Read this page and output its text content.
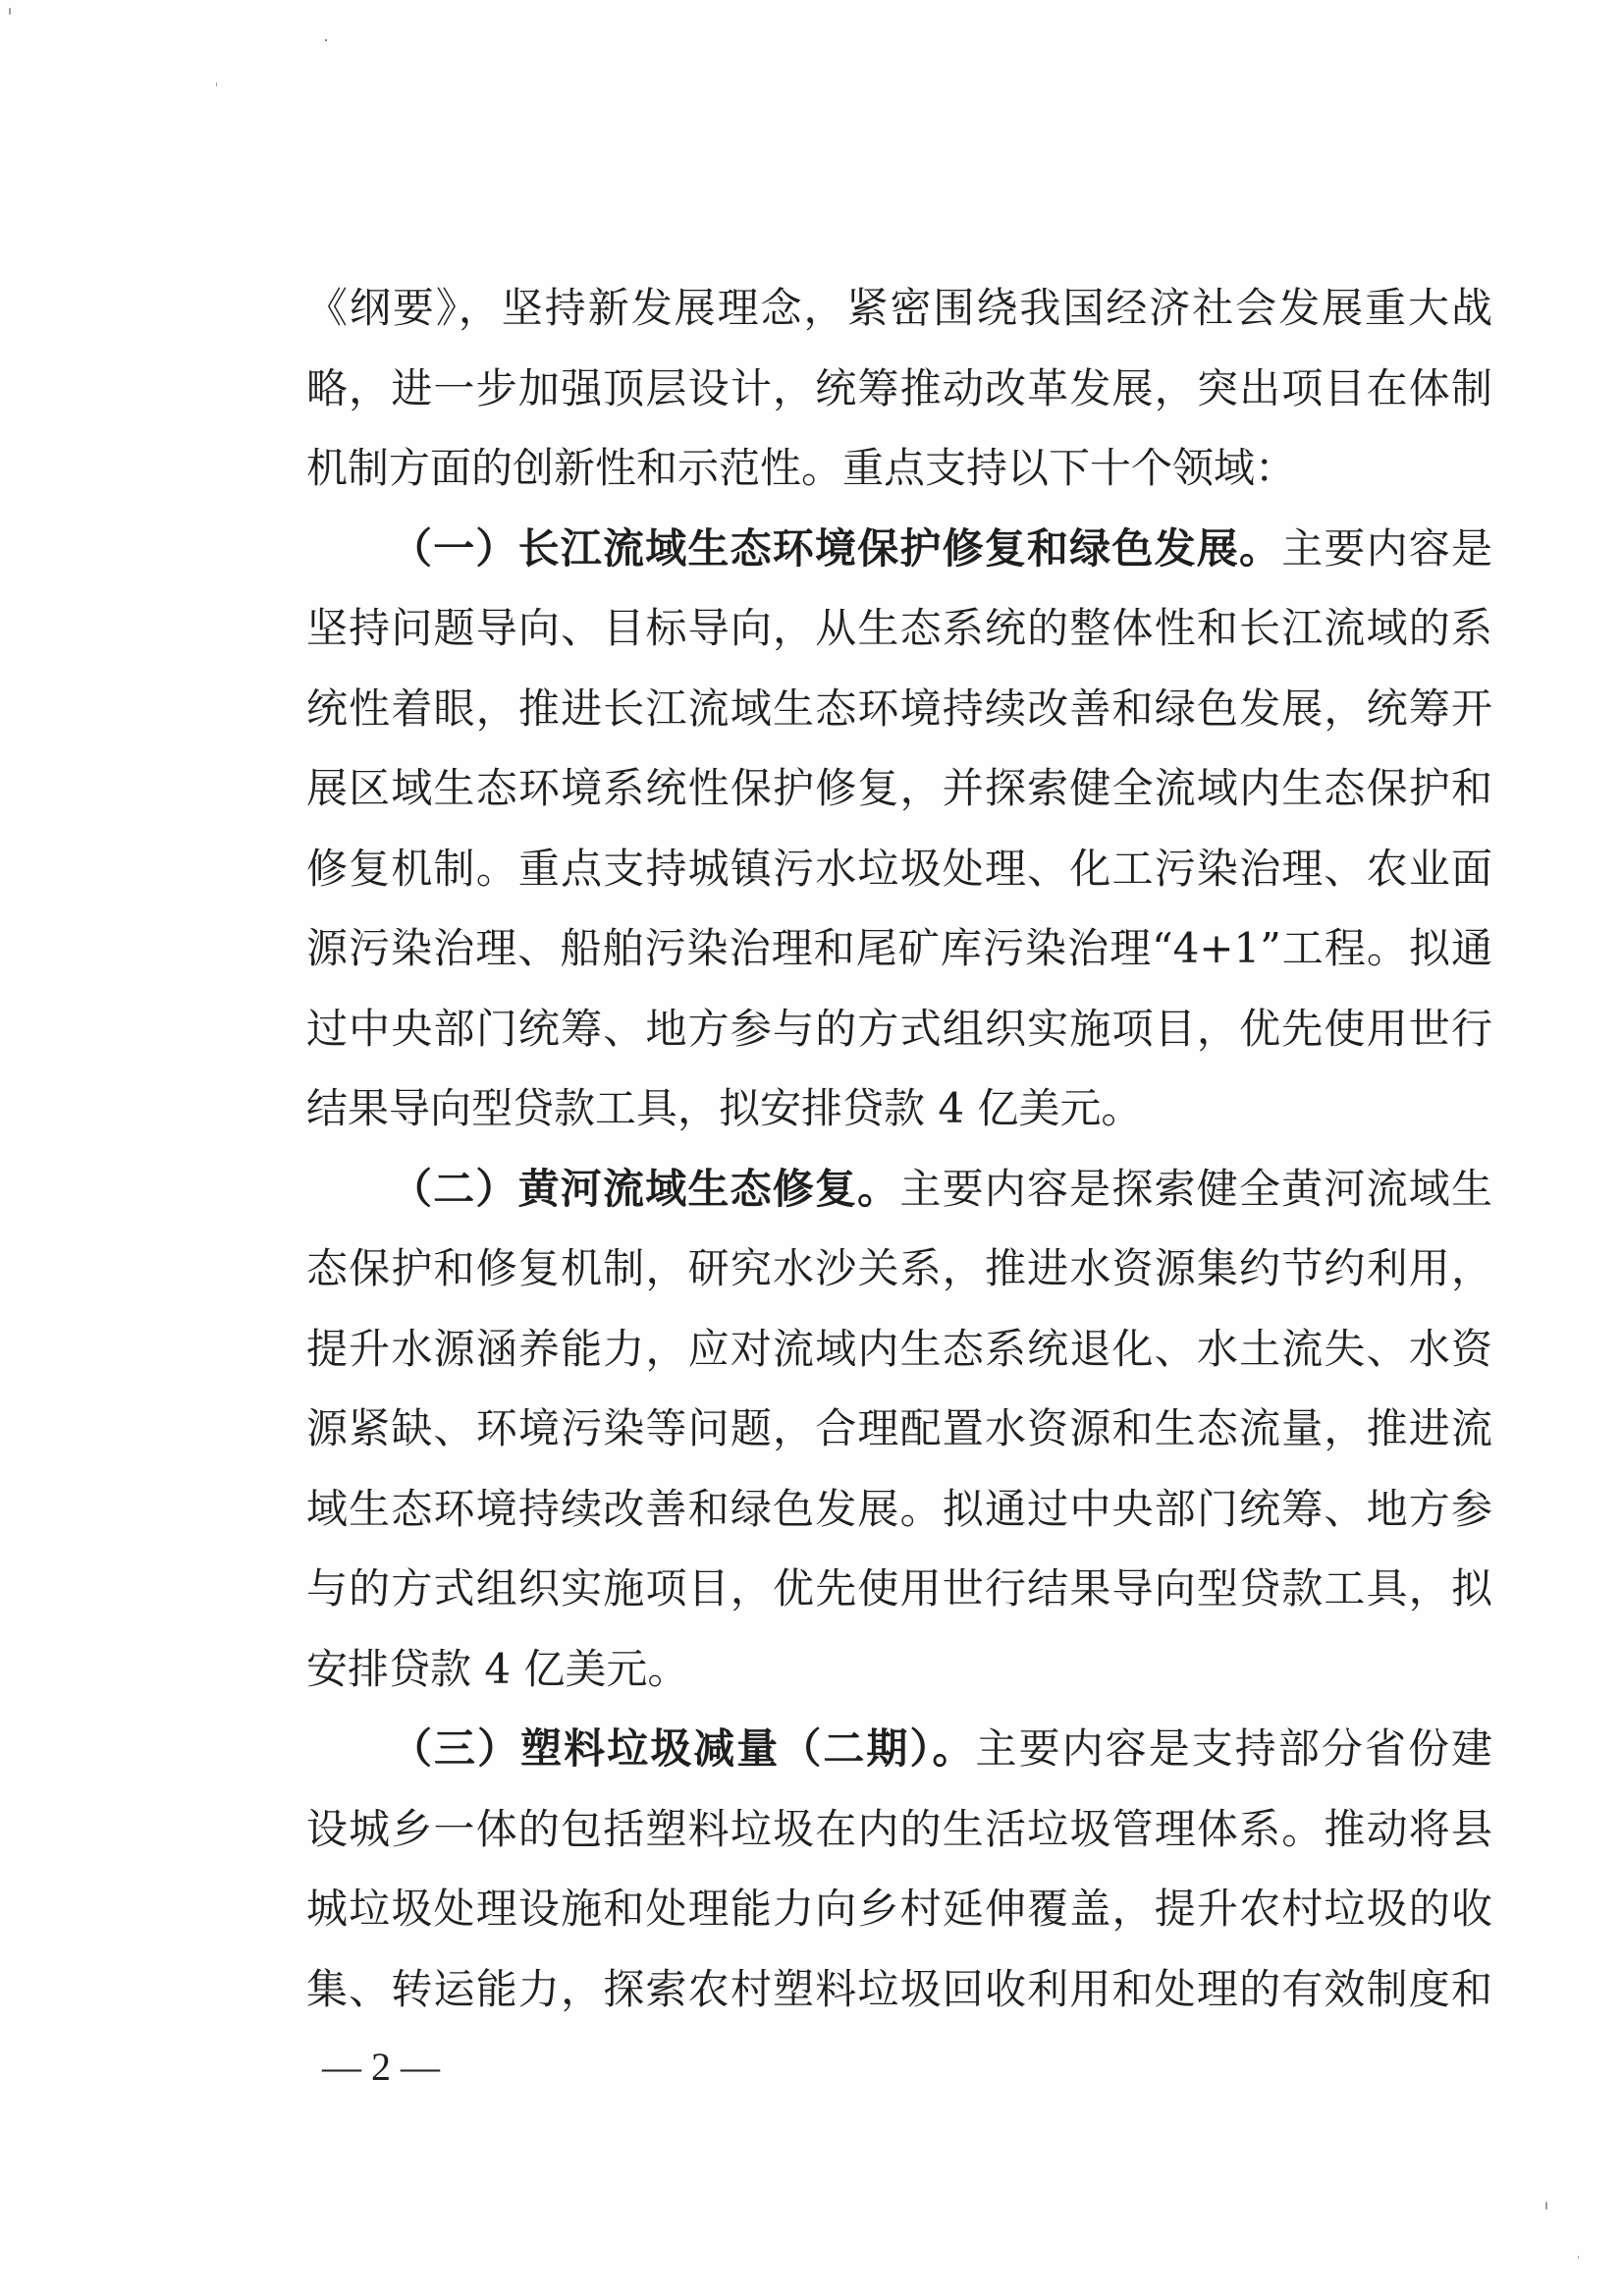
《纲要》，坚持新发展理念，紧密围绕我国经济社会发展重大战
略，进一步加强顶层设计，统筹推动改革发展，突出项目在体制
机制方面的创新性和示范性。重点支持以下十个领域：
（一）长江流域生态环境保护修复和绿色发展。主要内容是
坚持问题导向、目标导向，从生态系统的整体性和长江流域的系
统性着眼，推进长江流域生态环境持续改善和绿色发展，统筹开
展区域生态环境系统性保护修复，并探索健全流域内生态保护和
修复机制。重点支持城镇污水垃圾处理、化工污染治理、农业面
源污染治理、船舶污染治理和尾矿库污染治理“4+1”工程。拟通
过中央部门统筹、地方参与的方式组织实施项目，优先使用世行
结果导向型贷款工具，拟安排贷款 4 亿美元。
（二）黄河流域生态修复。主要内容是探索健全黄河流域生
态保护和修复机制，研究水沙关系，推进水资源集约节约利用，
提升水源涵养能力，应对流域内生态系统退化、水土流失、水资
源紧缺、环境污染等问题，合理配置水资源和生态流量，推进流
域生态环境持续改善和绿色发展。拟通过中央部门统筹、地方参
与的方式组织实施项目，优先使用世行结果导向型贷款工具，拟
安排贷款 4 亿美元。
（三）塑料垃圾减量（二期）。主要内容是支持部分省份建
设城乡一体的包括塑料垃圾在内的生活垃圾管理体系。推动将县
城垃圾处理设施和处理能力向乡村延伸覆盖，提升农村垃圾的收
集、转运能力，探索农村塑料垃圾回收利用和处理的有效制度和
— 2 —
